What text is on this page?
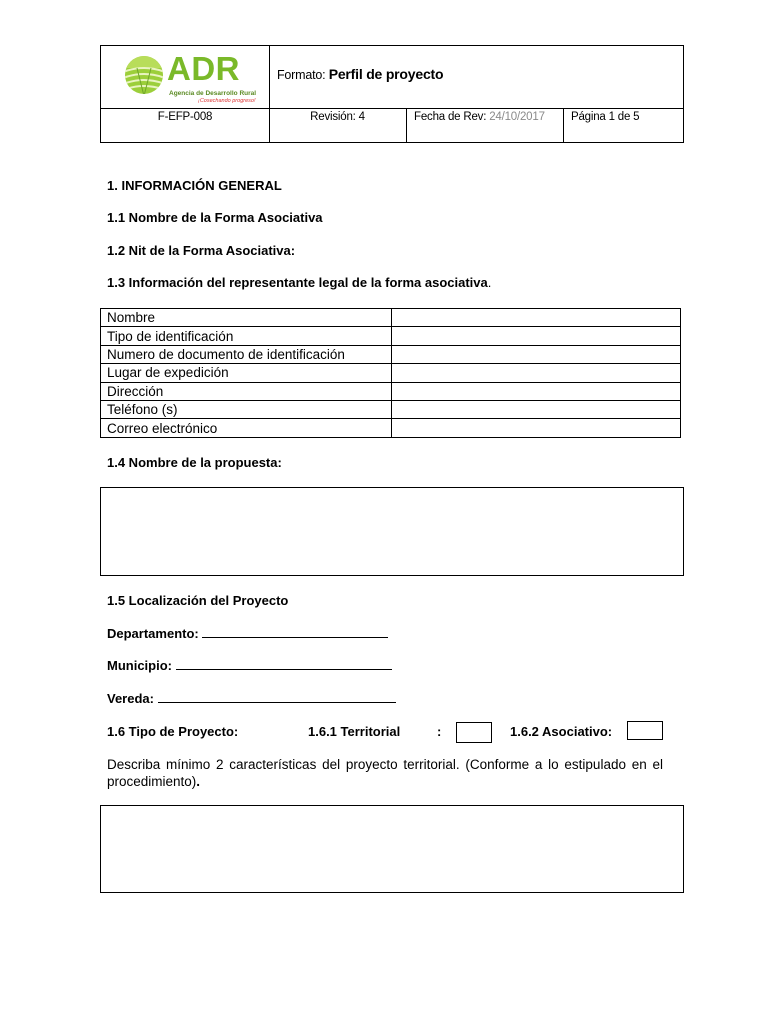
ADR
Agencia de Desarrollo Rural
¡Cosechando progreso!
Formato: Perfil de proyecto
F-EFP-008	Revisión: 4	Fecha de Rev: 24/10/2017 Página 1 de 5
1. INFORMACIÓN GENERAL
1.1 Nombre de la Forma Asociativa
1.2 Nit de la Forma Asociativa:
1.3 Información del representante legal de la forma asociativa.
Nombre	
Tipo de identificación	
Numero de documento de identificación	
Lugar de expedición	
Dirección	
Teléfono (s)	
Correo electrónico	
1.4 Nombre de la propuesta:
1.5 Localización del Proyecto
Departamento:
Municipio:
Vereda:
1.6 Tipo de Proyecto:	1.6.1 Territorial	:	1.6.2 Asociativo:
Describa mínimo 2 características del proyecto territorial. (Conforme a lo estipulado en el procedimiento).
